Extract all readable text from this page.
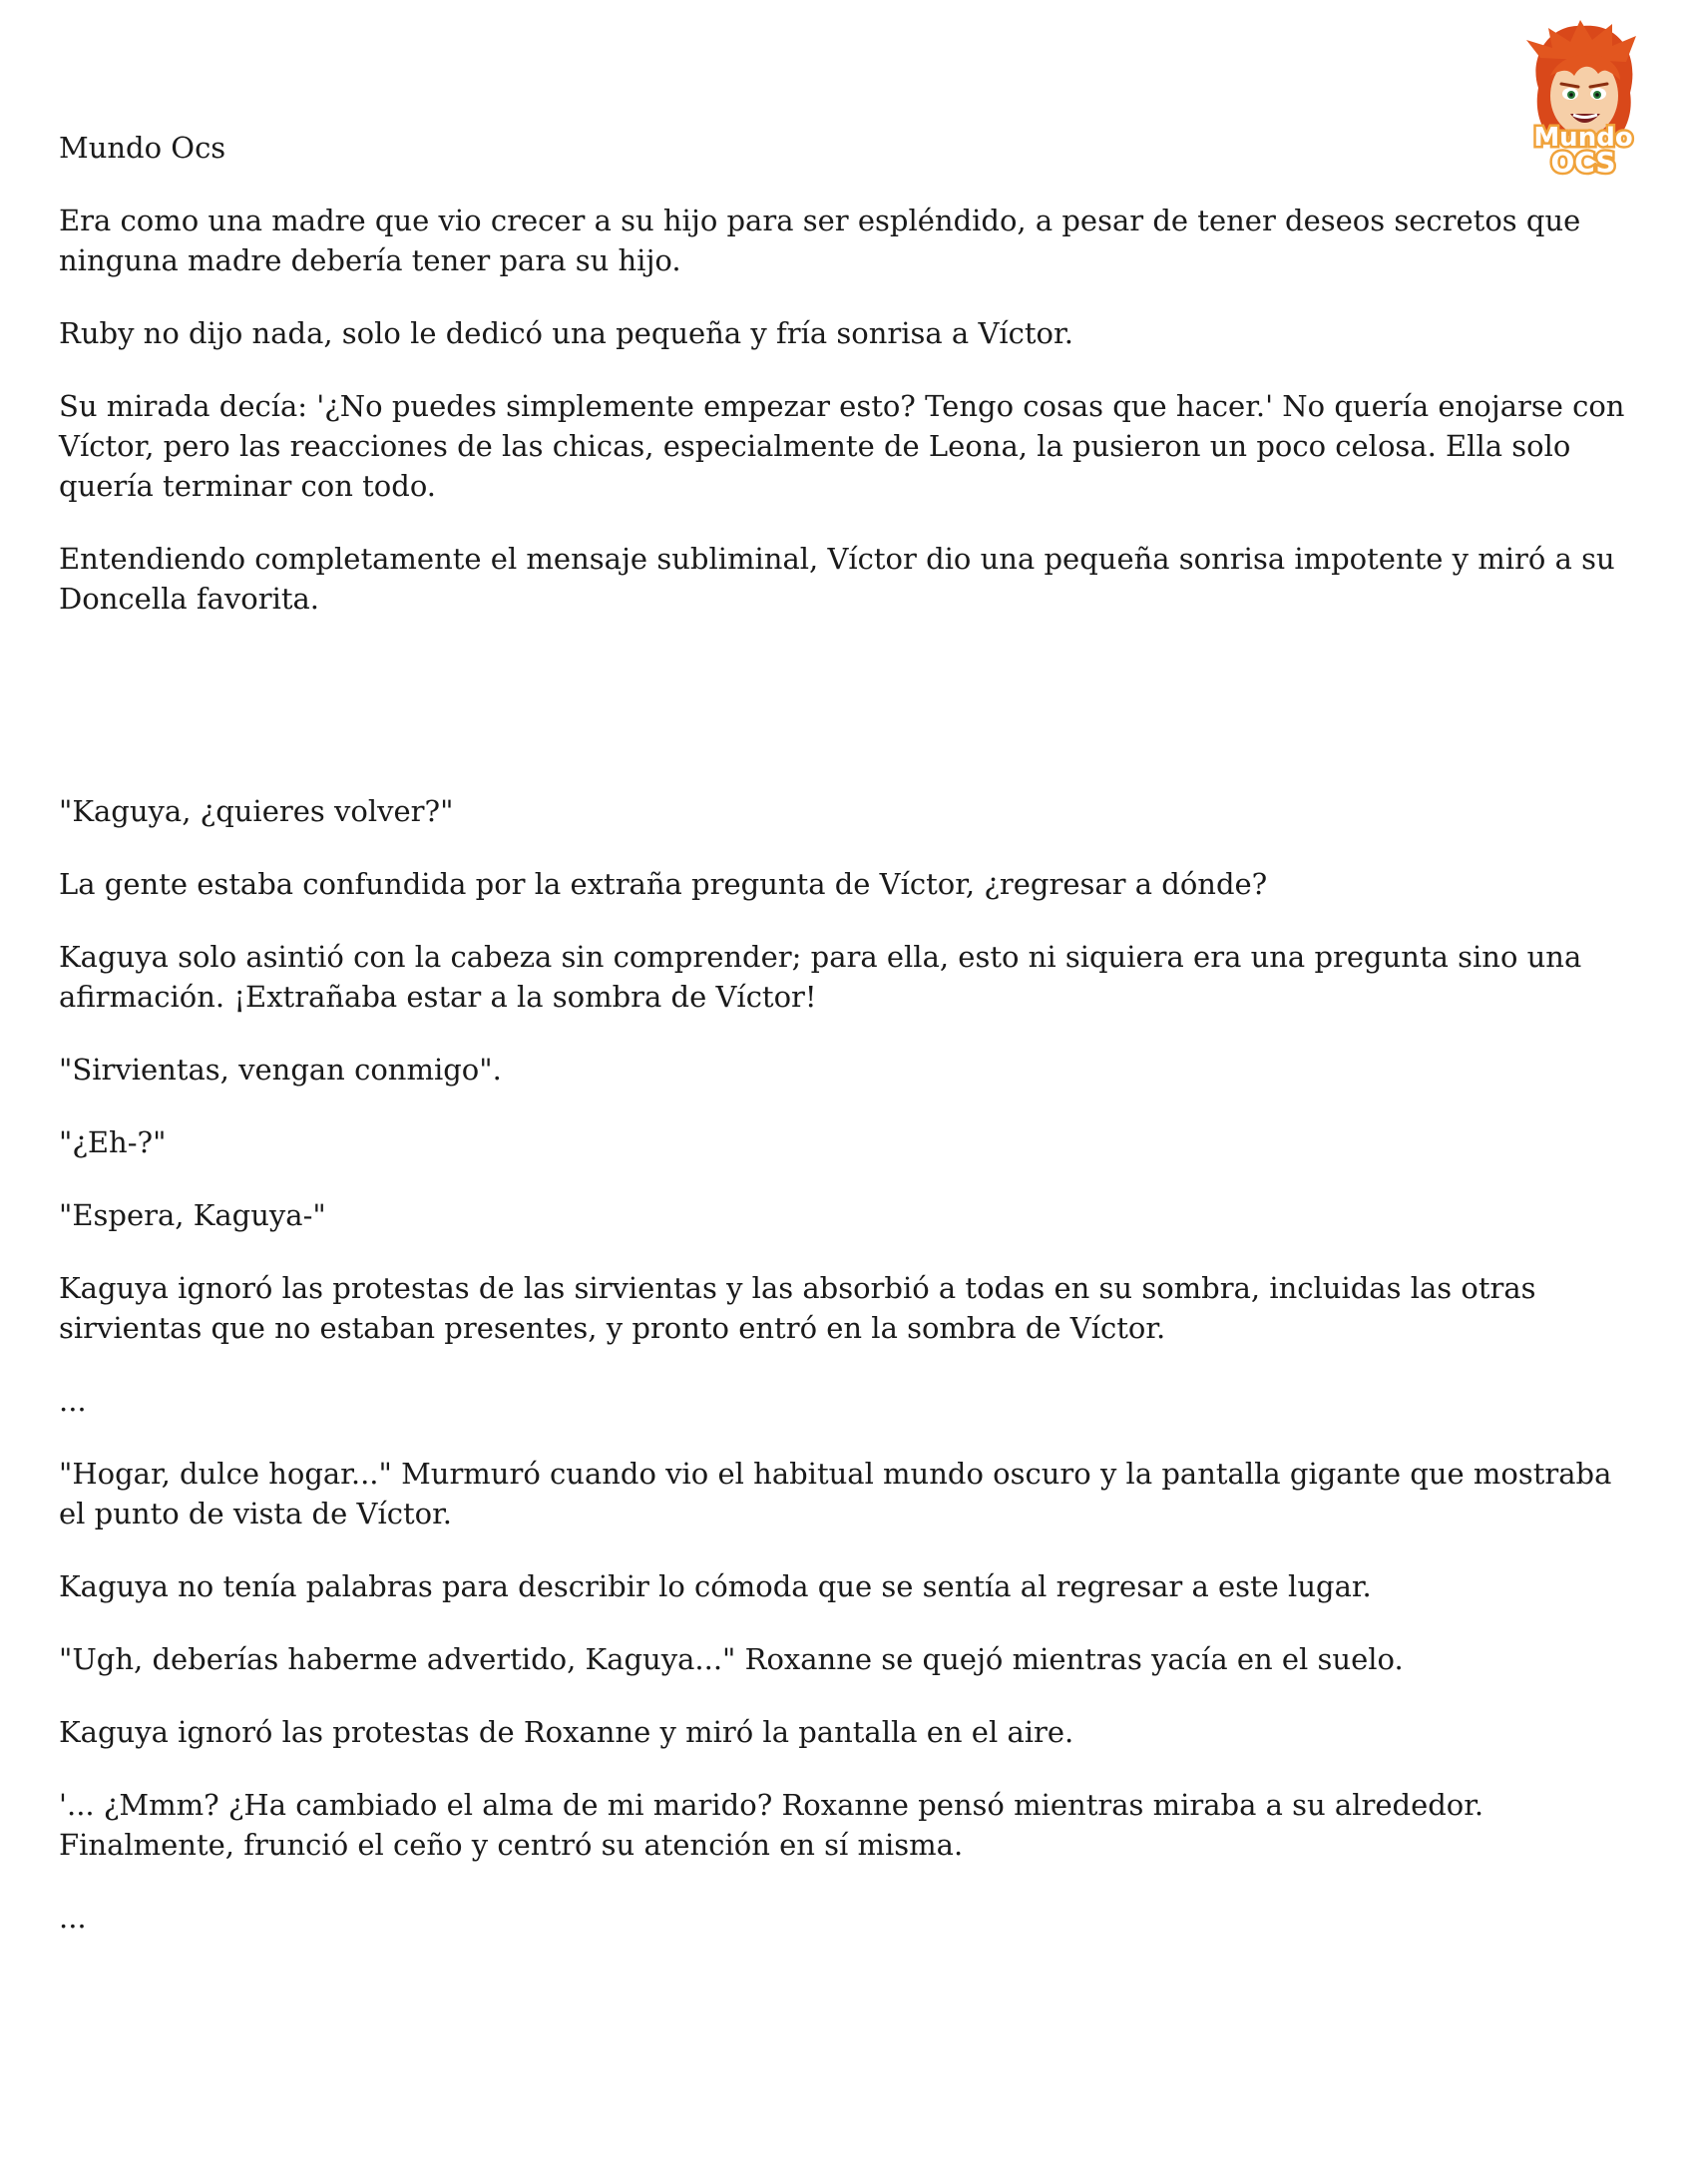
Mundo
OCS

Mundo Ocs

Era como una madre que vio crecer a su hijo para ser espléndido, a pesar de tener deseos secretos que ninguna madre debería tener para su hijo.

Ruby no dijo nada, solo le dedicó una pequeña y fría sonrisa a Víctor.

Su mirada decía: '¿No puedes simplemente empezar esto? Tengo cosas que hacer.' No quería enojarse con Víctor, pero las reacciones de las chicas, especialmente de Leona, la pusieron un poco celosa. Ella solo quería terminar con todo.

Entendiendo completamente el mensaje subliminal, Víctor dio una pequeña sonrisa impotente y miró a su Doncella favorita.

"Kaguya, ¿quieres volver?"

La gente estaba confundida por la extraña pregunta de Víctor, ¿regresar a dónde?

Kaguya solo asintió con la cabeza sin comprender; para ella, esto ni siquiera era una pregunta sino una afirmación. ¡Extrañaba estar a la sombra de Víctor!

"Sirvientas, vengan conmigo".

"¿Eh-?"

"Espera, Kaguya-"

Kaguya ignoró las protestas de las sirvientas y las absorbió a todas en su sombra, incluidas las otras sirvientas que no estaban presentes, y pronto entró en la sombra de Víctor.

...

"Hogar, dulce hogar..." Murmuró cuando vio el habitual mundo oscuro y la pantalla gigante que mostraba el punto de vista de Víctor.

Kaguya no tenía palabras para describir lo cómoda que se sentía al regresar a este lugar.

"Ugh, deberías haberme advertido, Kaguya..." Roxanne se quejó mientras yacía en el suelo.

Kaguya ignoró las protestas de Roxanne y miró la pantalla en el aire.

'... ¿Mmm? ¿Ha cambiado el alma de mi marido? Roxanne pensó mientras miraba a su alrededor. Finalmente, frunció el ceño y centró su atención en sí misma.

...
